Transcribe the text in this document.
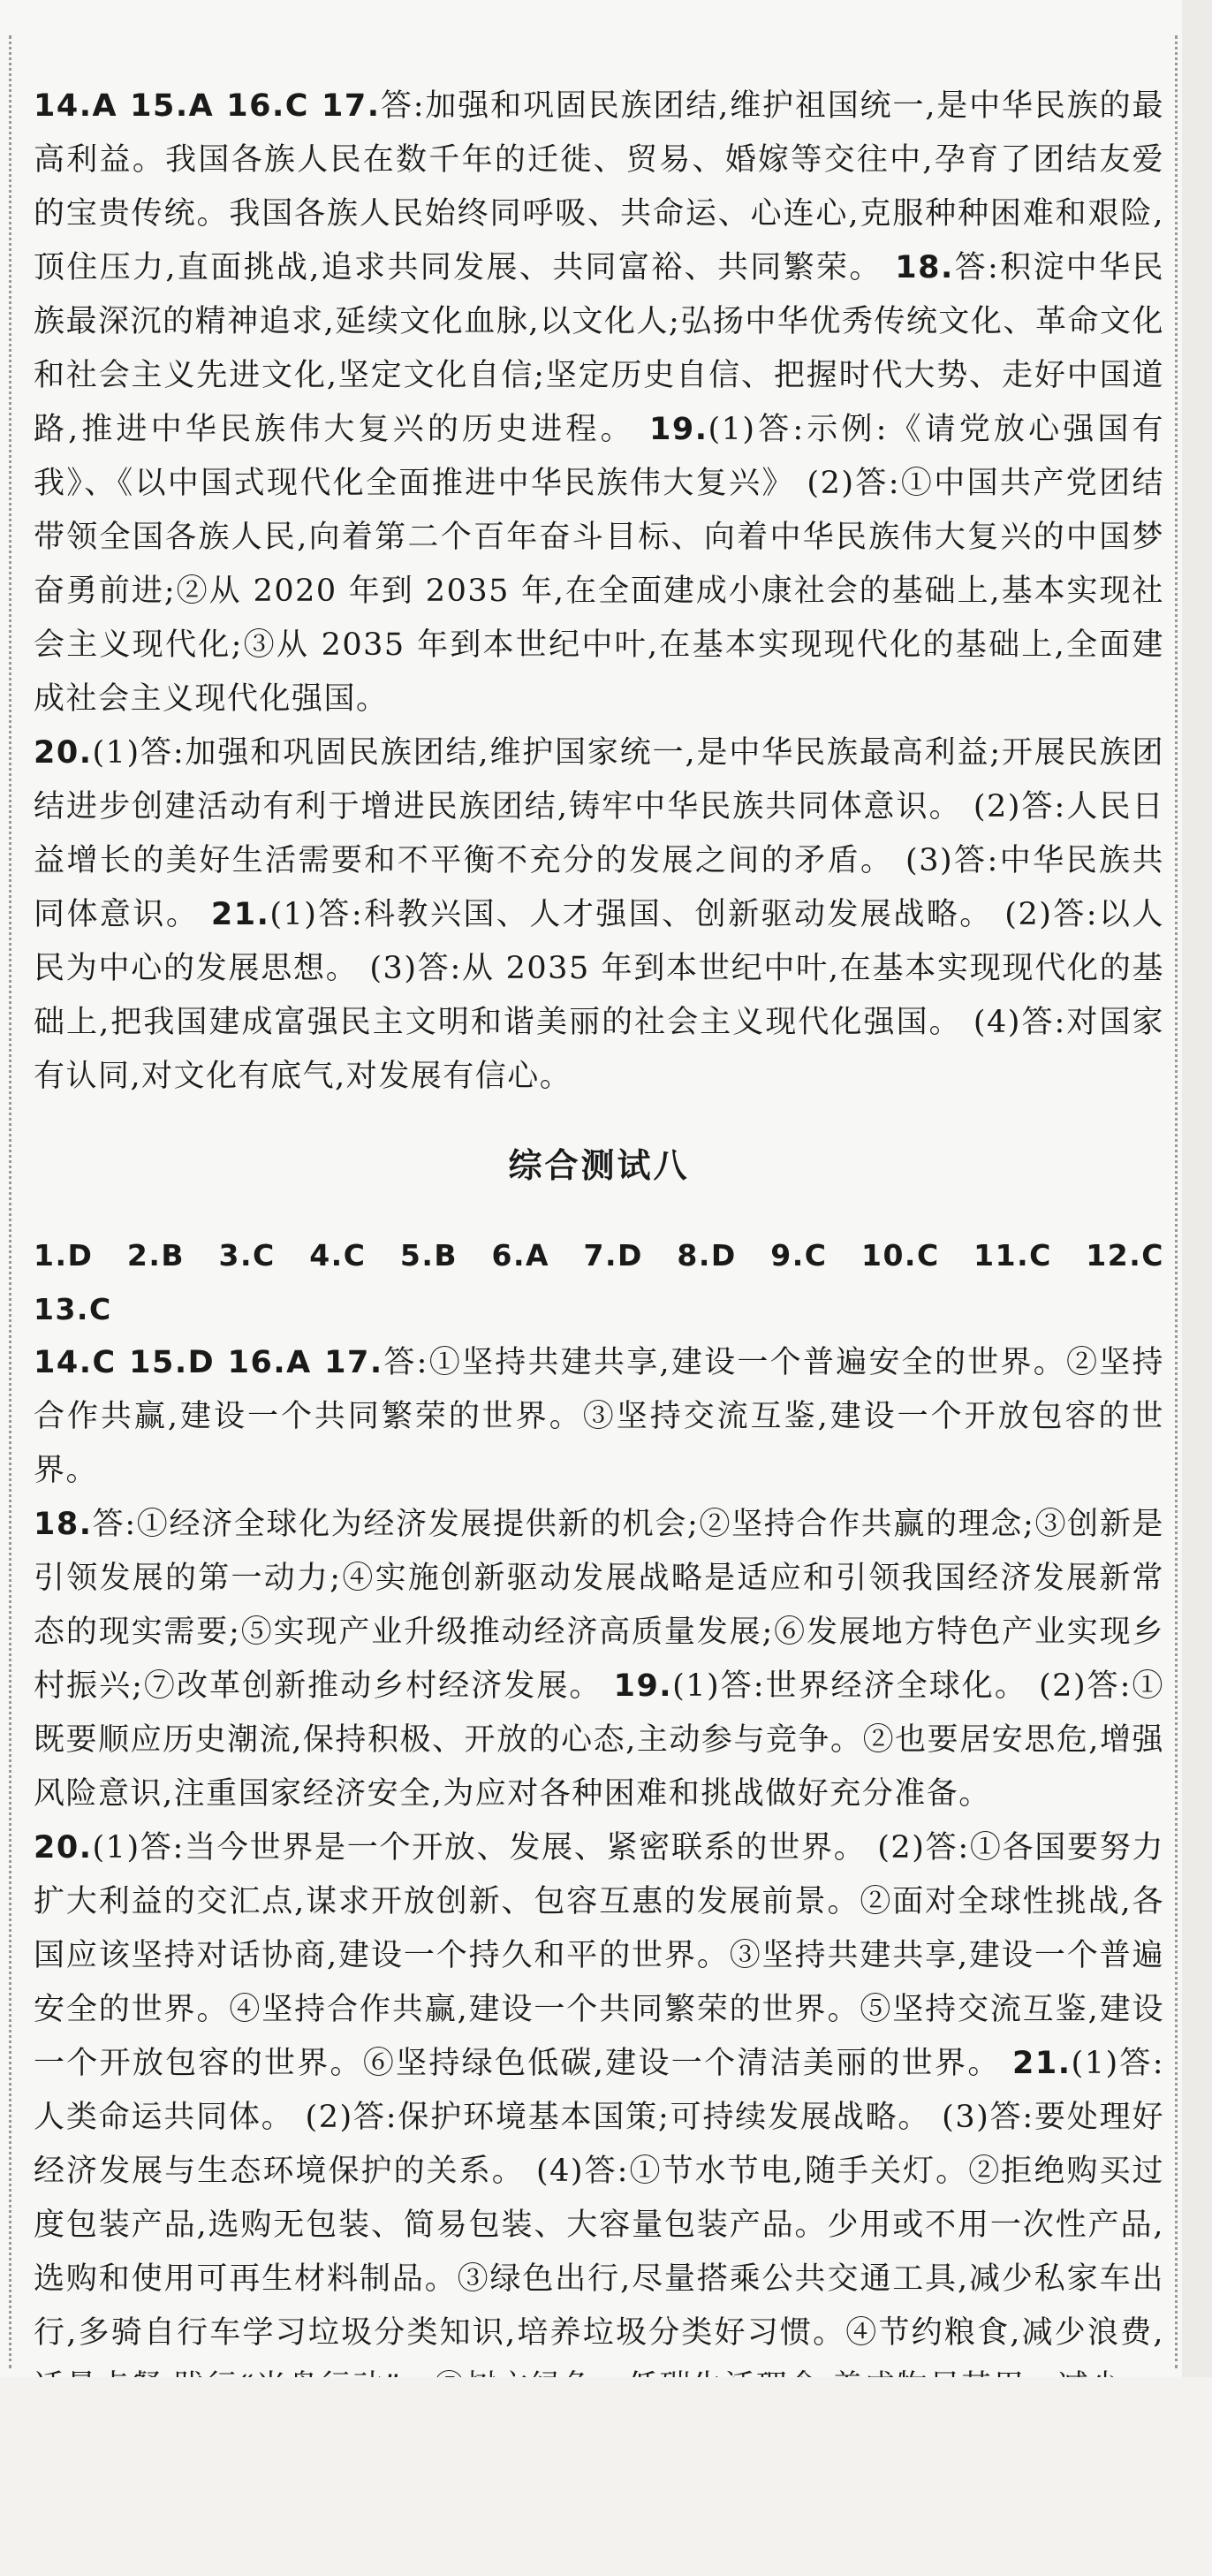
14.A 15.A 16.C 17.答:加强和巩固民族团结,维护祖国统一,是中华民族的最高利益。我国各族人民在数千年的迁徙、贸易、婚嫁等交往中,孕育了团结友爱的宝贵传统。我国各族人民始终同呼吸、共命运、心连心,克服种种困难和艰险,顶住压力,直面挑战,追求共同发展、共同富裕、共同繁荣。 18.答:积淀中华民族最深沉的精神追求,延续文化血脉,以文化人;弘扬中华优秀传统文化、革命文化和社会主义先进文化,坚定文化自信;坚定历史自信、把握时代大势、走好中国道路,推进中华民族伟大复兴的历史进程。 19.(1)答:示例:《请党放心强国有我》、《以中国式现代化全面推进中华民族伟大复兴》 (2)答:①中国共产党团结带领全国各族人民,向着第二个百年奋斗目标、向着中华民族伟大复兴的中国梦奋勇前进;②从 2020 年到 2035 年,在全面建成小康社会的基础上,基本实现社会主义现代化;③从 2035 年到本世纪中叶,在基本实现现代化的基础上,全面建成社会主义现代化强国。

20.(1)答:加强和巩固民族团结,维护国家统一,是中华民族最高利益;开展民族团结进步创建活动有利于增进民族团结,铸牢中华民族共同体意识。 (2)答:人民日益增长的美好生活需要和不平衡不充分的发展之间的矛盾。 (3)答:中华民族共同体意识。 21.(1)答:科教兴国、人才强国、创新驱动发展战略。 (2)答:以人民为中心的发展思想。 (3)答:从 2035 年到本世纪中叶,在基本实现现代化的基础上,把我国建成富强民主文明和谐美丽的社会主义现代化强国。 (4)答:对国家有认同,对文化有底气,对发展有信心。

综合测试八

1.D 2.B 3.C 4.C 5.B 6.A 7.D 8.D 9.C 10.C 11.C 12.C 13.C

14.C 15.D 16.A 17.答:①坚持共建共享,建设一个普遍安全的世界。②坚持合作共赢,建设一个共同繁荣的世界。③坚持交流互鉴,建设一个开放包容的世界。

18.答:①经济全球化为经济发展提供新的机会;②坚持合作共赢的理念;③创新是引领发展的第一动力;④实施创新驱动发展战略是适应和引领我国经济发展新常态的现实需要;⑤实现产业升级推动经济高质量发展;⑥发展地方特色产业实现乡村振兴;⑦改革创新推动乡村经济发展。 19.(1)答:世界经济全球化。 (2)答:①既要顺应历史潮流,保持积极、开放的心态,主动参与竞争。②也要居安思危,增强风险意识,注重国家经济安全,为应对各种困难和挑战做好充分准备。

20.(1)答:当今世界是一个开放、发展、紧密联系的世界。 (2)答:①各国要努力扩大利益的交汇点,谋求开放创新、包容互惠的发展前景。②面对全球性挑战,各国应该坚持对话协商,建设一个持久和平的世界。③坚持共建共享,建设一个普遍安全的世界。④坚持合作共赢,建设一个共同繁荣的世界。⑤坚持交流互鉴,建设一个开放包容的世界。⑥坚持绿色低碳,建设一个清洁美丽的世界。 21.(1)答:人类命运共同体。 (2)答:保护环境基本国策;可持续发展战略。 (3)答:要处理好经济发展与生态环境保护的关系。 (4)答:①节水节电,随手关灯。②拒绝购买过度包装产品,选购无包装、简易包装、大容量包装产品。少用或不用一次性产品,选购和使用可再生材料制品。③绿色出行,尽量搭乘公共交通工具,减少私家车出行,多骑自行车学习垃圾分类知识,培养垃圾分类好习惯。④节约粮食,减少浪费,
